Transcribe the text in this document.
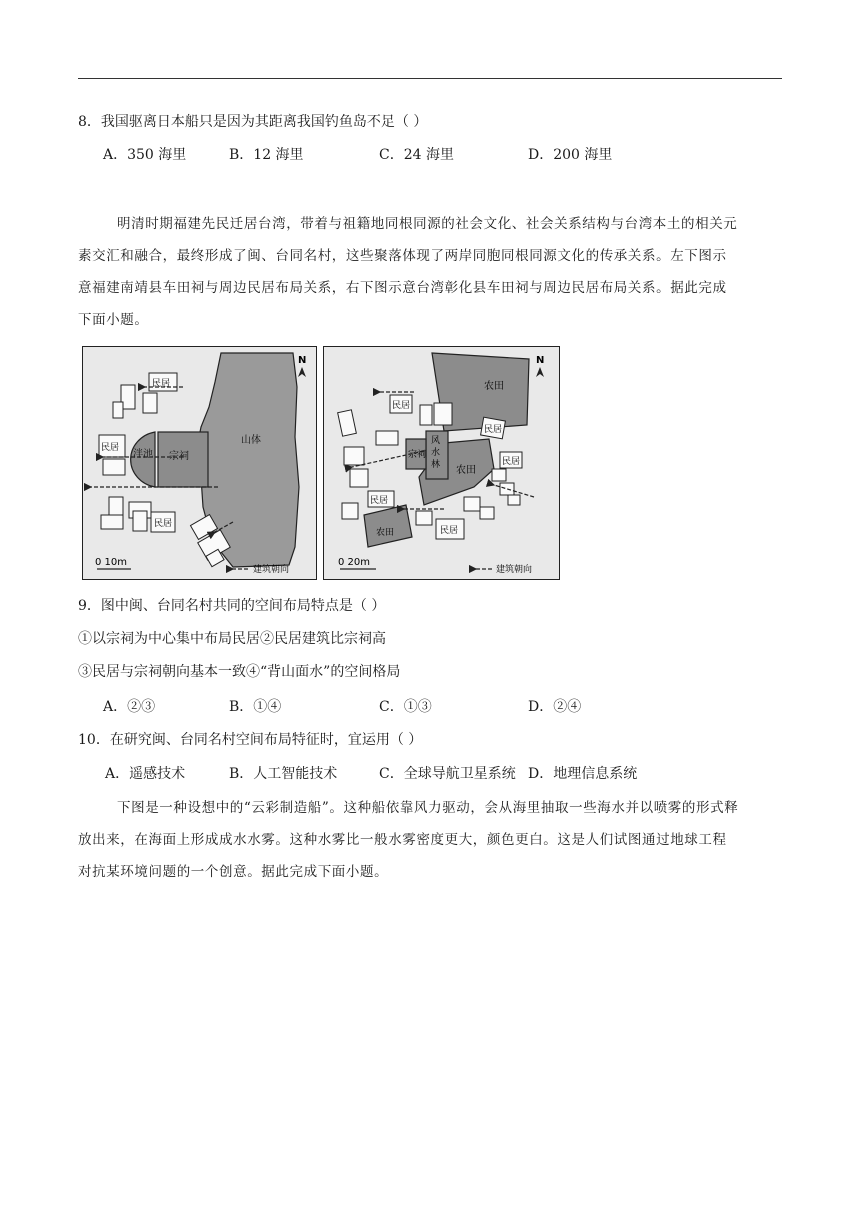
8．我国驱离日本船只是因为其距离我国钓鱼岛不足（ ）
A．350 海里	B．12 海里	C．24 海里	D．200 海里
明清时期福建先民迁居台湾，带着与祖籍地同根同源的社会文化、社会关系结构与台湾本土的相关元
素交汇和融合，最终形成了闽、台同名村，这些聚落体现了两岸同胞同根同源文化的传承关系。左下图示
意福建南靖县车田祠与周边民居布局关系，右下图示意台湾彰化县车田祠与周边民居布局关系。据此完成
下面小题。
山体
宗祠
泮池
民居
民居
民居
N
0 10m
建筑朝向
农田
农田
风
水
林
宗祠
农田
民居
民居
民居
民居
民居
N
0 20m
建筑朝向
9．图中闽、台同名村共同的空间布局特点是（ ）
①以宗祠为中心集中布局民居②民居建筑比宗祠高
③民居与宗祠朝向基本一致④“背山面水”的空间格局
A．②③	B．①④	C．①③	D．②④
10．在研究闽、台同名村空间布局特征时，宜运用（ ）
A．遥感技术	B．人工智能技术	C．全球导航卫星系统 D．地理信息系统
下图是一种设想中的“云彩制造船”。这种船依靠风力驱动，会从海里抽取一些海水并以喷雾的形式释
放出来，在海面上形成成水水雾。这种水雾比一般水雾密度更大，颜色更白。这是人们试图通过地球工程
对抗某环境问题的一个创意。据此完成下面小题。
